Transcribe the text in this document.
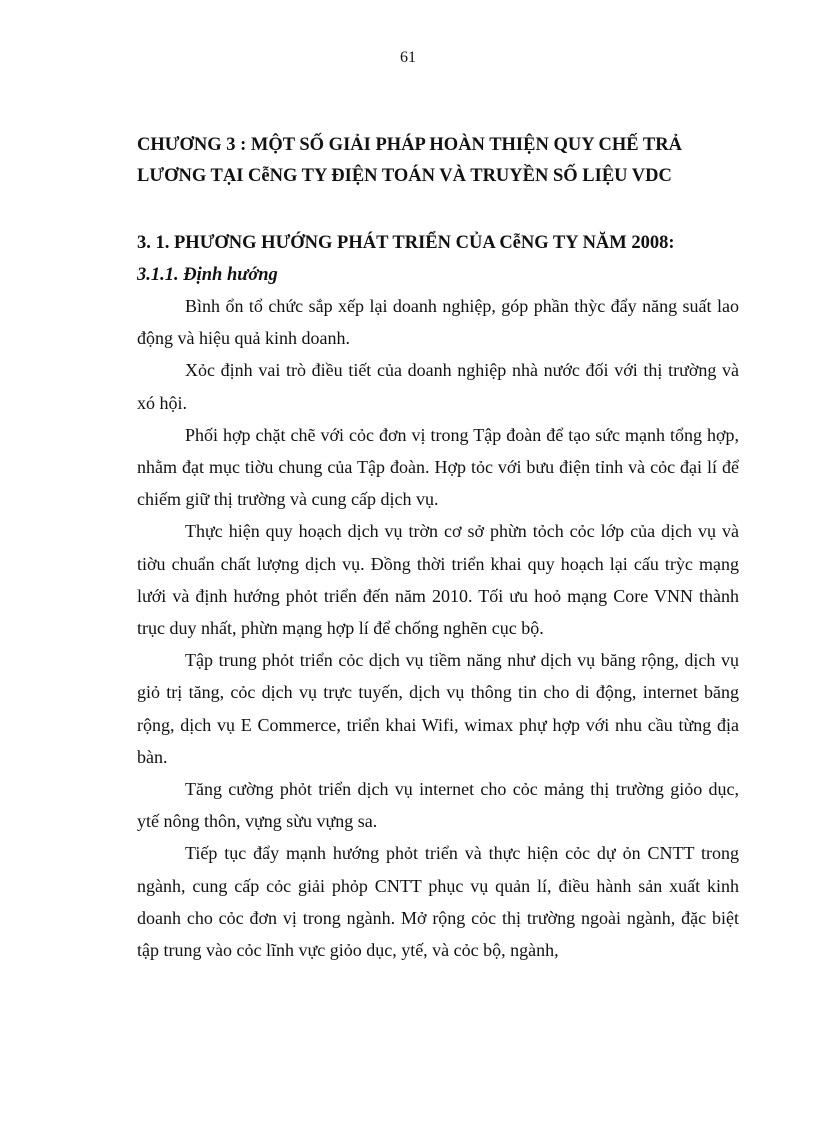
61
CHƯƠNG 3 : MỘT SỐ GIẢI PHÁP HOÀN THIỆN QUY CHẾ TRẢ LƯƠNG TẠI CễNG TY ĐIỆN TOÁN VÀ TRUYỀN SỐ LIỆU VDC
3. 1. PHƯƠNG HƯỚNG PHÁT TRIỂN CỦA CễNG TY NĂM 2008:
3.1.1. Định hướng

Bình ổn tổ chức sắp xếp lại doanh nghiệp, góp phần thỳc đẩy năng suất lao động và hiệu quả kinh doanh.

Xỏc định vai trò điều tiết của doanh nghiệp nhà nước đối với thị trường và xó hội.

Phối hợp chặt chẽ với cỏc đơn vị trong Tập đoàn để tạo sức mạnh tổng hợp, nhằm đạt mục tiờu chung của Tập đoàn. Hợp tỏc với bưu điện tỉnh và cỏc đại lí để chiếm giữ thị trường và cung cấp dịch vụ.

Thực hiện quy hoạch dịch vụ trờn cơ sở phừn tỏch cỏc lớp của dịch vụ và tiờu chuẩn chất lượng dịch vụ. Đồng thời triển khai quy hoạch lại cấu trỳc mạng lưới và định hướng phỏt triển đến năm 2010. Tối ưu hoỏ mạng Core VNN thành trục duy nhất, phừn mạng hợp lí để chống nghẽn cục bộ.

Tập trung phỏt triển cỏc dịch vụ tiềm năng như dịch vụ băng rộng, dịch vụ giỏ trị tăng, cỏc dịch vụ trực tuyến, dịch vụ thông tin cho di động, internet băng rộng, dịch vụ E Commerce, triển khai Wifi, wimax phự hợp với nhu cầu từng địa bàn.

Tăng cường phỏt triển dịch vụ internet cho cỏc mảng thị trường giỏo dục, ytế nông thôn, vựng sừu vựng sa.

Tiếp tục đẩy mạnh hướng phỏt triển và thực hiện cỏc dự ỏn CNTT trong ngành, cung cấp cỏc giải phỏp CNTT phục vụ quản lí, điều hành sản xuất kinh doanh cho cỏc đơn vị trong ngành. Mở rộng cỏc thị trường ngoài ngành, đặc biệt tập trung vào cỏc lĩnh vực giỏo dục, ytế, và cỏc bộ, ngành,
